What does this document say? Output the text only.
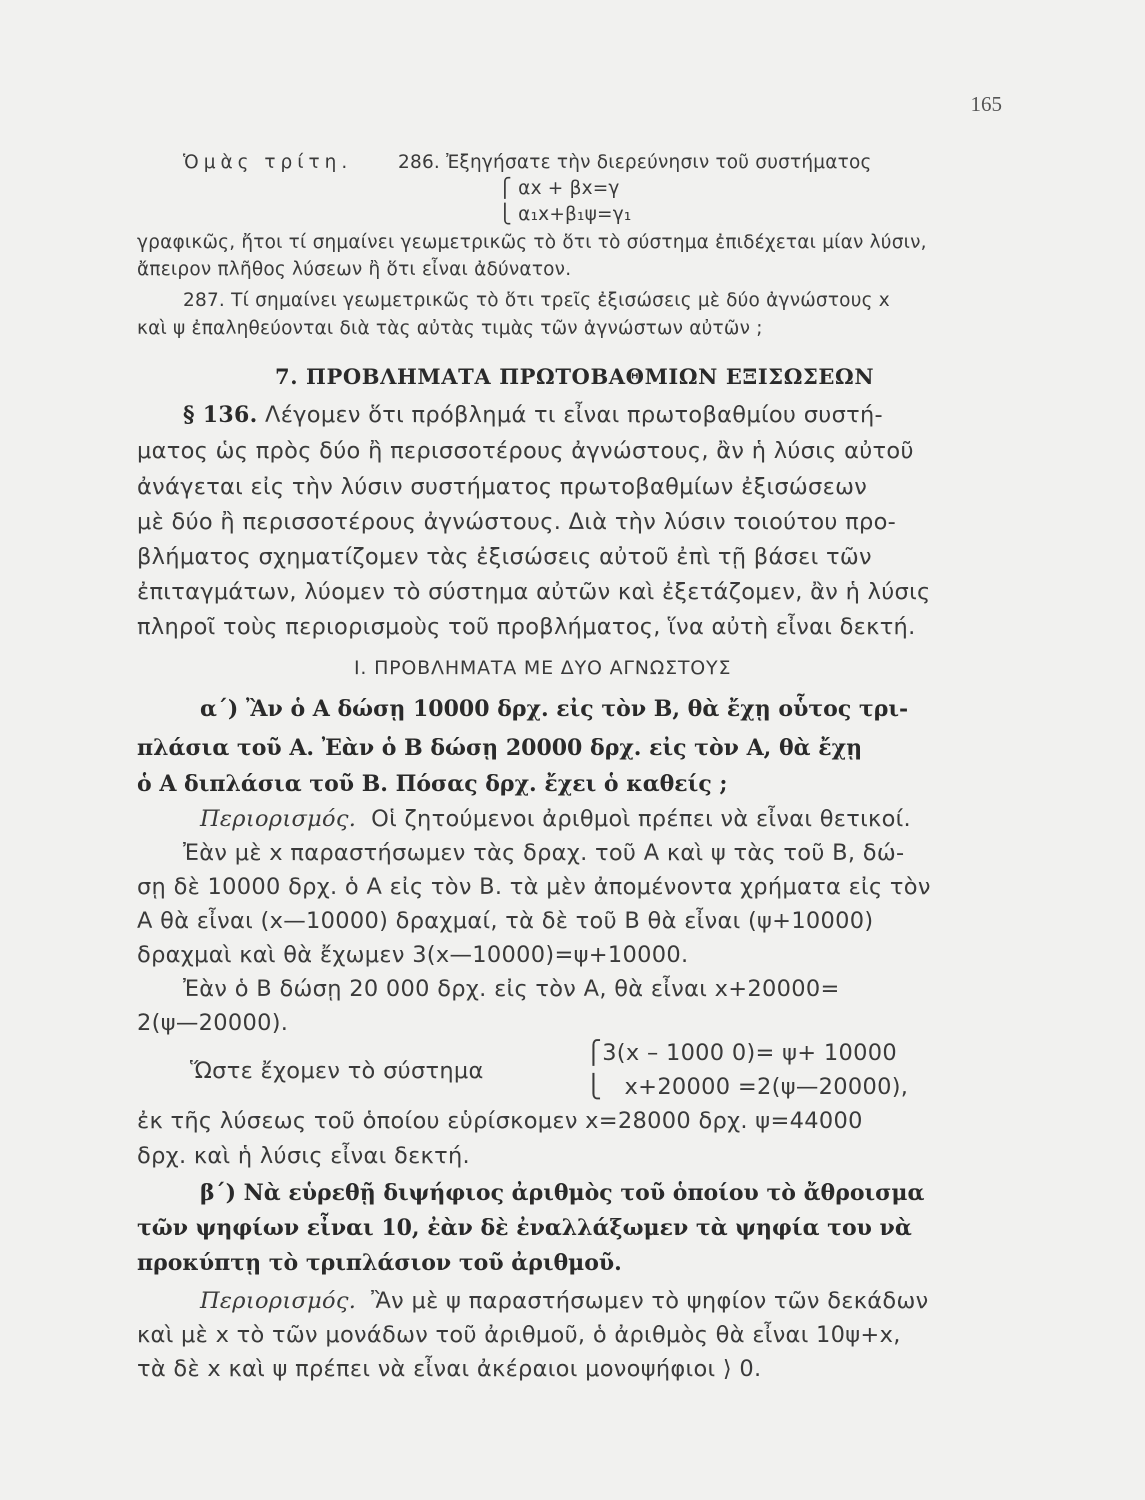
165
Ὁμὰς τρίτη. 286. Ἐξηγήσατε τὴν διερεύνησιν τοῦ συστήματος
⎧ αx + βx=γ
⎩ α₁x+β₁ψ=γ₁
γραφικῶς, ἤτοι τί σημαίνει γεωμετρικῶς τὸ ὅτι τὸ σύστημα ἐπιδέχεται μίαν λύσιν,
ἄπειρον πλῆθος λύσεων ἢ ὅτι εἶναι ἀδύνατον.
287. Τί σημαίνει γεωμετρικῶς τὸ ὅτι τρεῖς ἐξισώσεις μὲ δύο ἀγνώστους x
καὶ ψ ἐπαληθεύονται διὰ τὰς αὐτὰς τιμὰς τῶν ἀγνώστων αὐτῶν ;
7. ΠΡΟΒΛΗΜΑΤΑ ΠΡΩΤΟΒΑΘΜΙΩΝ ΕΞΙΣΩΣΕΩΝ
§ 136. Λέγομεν ὅτι πρόβλημά τι εἶναι πρωτοβαθμίου συστή-
ματος ὡς πρὸς δύο ἢ περισσοτέρους ἀγνώστους, ἂν ἡ λύσις αὐτοῦ
ἀνάγεται εἰς τὴν λύσιν συστήματος πρωτοβαθμίων ἐξισώσεων
μὲ δύο ἢ περισσοτέρους ἀγνώστους. Διὰ τὴν λύσιν τοιούτου προ-
βλήματος σχηματίζομεν τὰς ἐξισώσεις αὐτοῦ ἐπὶ τῇ βάσει τῶν
ἐπιταγμάτων, λύομεν τὸ σύστημα αὐτῶν καὶ ἐξετάζομεν, ἂν ἡ λύσις
πληροῖ τοὺς περιορισμοὺς τοῦ προβλήματος, ἵνα αὐτὴ εἶναι δεκτή.
Ι. ΠΡΟΒΛΗΜΑΤΑ ΜΕ ΔΥΟ ΑΓΝΩΣΤΟΥΣ
α΄) Ἂν ὁ Α δώσῃ 10000 δρχ. εἰς τὸν Β, θὰ ἔχῃ οὗτος τρι-
πλάσια τοῦ Α. Ἐὰν ὁ Β δώσῃ 20000 δρχ. εἰς τὸν Α, θὰ ἔχῃ
ὁ Α διπλάσια τοῦ Β. Πόσας δρχ. ἔχει ὁ καθείς ;
Περιορισμός. Οἱ ζητούμενοι ἀριθμοὶ πρέπει νὰ εἶναι θετικοί.
Ἐὰν μὲ x παραστήσωμεν τὰς δραχ. τοῦ Α καὶ ψ τὰς τοῦ Β, δώ-
σῃ δὲ 10000 δρχ. ὁ Α εἰς τὸν Β. τὰ μὲν ἀπομένοντα χρήματα εἰς τὸν
Α θὰ εἶναι (x—10000) δραχμαί, τὰ δὲ τοῦ Β θὰ εἶναι (ψ+10000)
δραχμαὶ καὶ θὰ ἔχωμεν 3(x—10000)=ψ+10000.
Ἐὰν ὁ Β δώσῃ 20 000 δρχ. εἰς τὸν Α, θὰ εἶναι x+20000=
2(ψ—20000).
Ὥστε ἔχομεν τὸ σύστημα
⎧3(x – 1000 0)= ψ+ 10000
⎩ x+20000 =2(ψ—20000),
ἐκ τῆς λύσεως τοῦ ὁποίου εὑρίσκομεν x=28000 δρχ. ψ=44000
δρχ. καὶ ἡ λύσις εἶναι δεκτή.
β΄) Νὰ εὑρεθῇ διψήφιος ἀριθμὸς τοῦ ὁποίου τὸ ἄθροισμα
τῶν ψηφίων εἶναι 10, ἐὰν δὲ ἐναλλάξωμεν τὰ ψηφία του νὰ
προκύπτῃ τὸ τριπλάσιον τοῦ ἀριθμοῦ.
Περιορισμός. Ἂν μὲ ψ παραστήσωμεν τὸ ψηφίον τῶν δεκάδων
καὶ μὲ x τὸ τῶν μονάδων τοῦ ἀριθμοῦ, ὁ ἀριθμὸς θὰ εἶναι 10ψ+x,
τὰ δὲ x καὶ ψ πρέπει νὰ εἶναι ἀκέραιοι μονοψήφιοι ⟩ 0.
